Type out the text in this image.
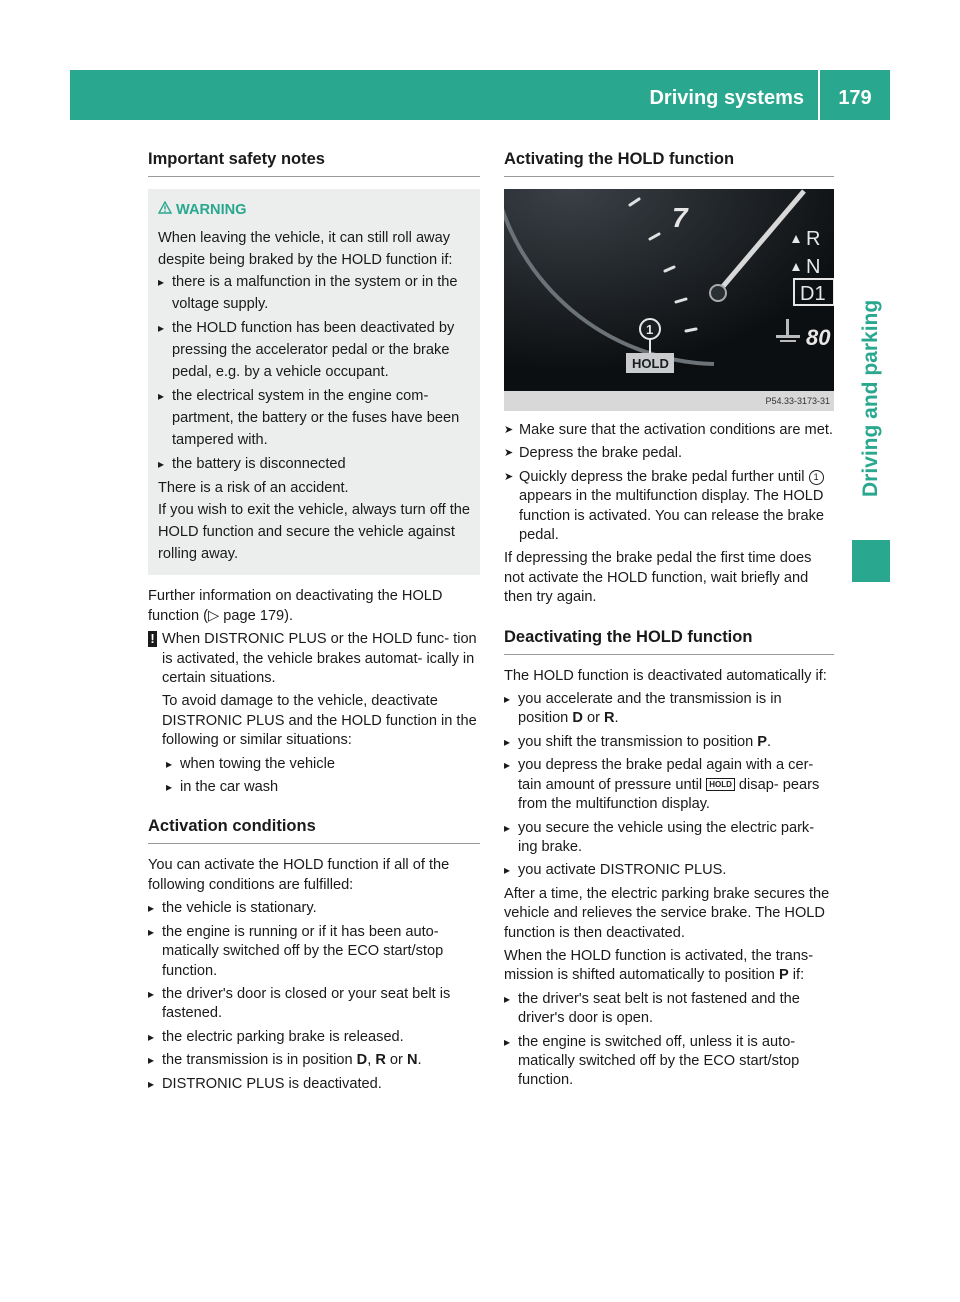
Driving systems	179
Driving and parking
Important safety notes
WARNING

When leaving the vehicle, it can still roll away despite being braked by the HOLD function if:

▸ there is a malfunction in the system or in the voltage supply.
▸ the HOLD function has been deactivated by pressing the accelerator pedal or the brake pedal, e.g. by a vehicle occupant.
▸ the electrical system in the engine com- partment, the battery or the fuses have been tampered with.
▸ the battery is disconnected

There is a risk of an accident.

If you wish to exit the vehicle, always turn off the HOLD function and secure the vehicle against rolling away.

Further information on deactivating the HOLD function (▷ page 179).

! When DISTRONIC PLUS or the HOLD func- tion is activated, the vehicle brakes automat- ically in certain situations.

To avoid damage to the vehicle, deactivate DISTRONIC PLUS and the HOLD function in the following or similar situations:

▸ when towing the vehicle
▸ in the car wash
Activation conditions

You can activate the HOLD function if all of the following conditions are fulfilled:

▸ the vehicle is stationary.
▸ the engine is running or if it has been auto- matically switched off by the ECO start/stop function.
▸ the driver's door is closed or your seat belt is fastened.
▸ the electric parking brake is released.
▸ the transmission is in position D, R or N.
▸ DISTRONIC PLUS is deactivated.
Activating the HOLD function
7
R
N
D1
80
1
HOLD
P54.33-3173-31
➤ Make sure that the activation conditions are met.
➤ Depress the brake pedal.
➤ Quickly depress the brake pedal further until 1 appears in the multifunction display. The HOLD function is activated. You can release the brake pedal.

If depressing the brake pedal the first time does not activate the HOLD function, wait briefly and then try again.

Deactivating the HOLD function

The HOLD function is deactivated automatically if:

▸ you accelerate and the transmission is in position D or R.
▸ you shift the transmission to position P.
▸ you depress the brake pedal again with a cer- tain amount of pressure until HOLD disap- pears from the multifunction display.
▸ you secure the vehicle using the electric park- ing brake.
▸ you activate DISTRONIC PLUS.

After a time, the electric parking brake secures the vehicle and relieves the service brake. The HOLD function is then deactivated.

When the HOLD function is activated, the trans- mission is shifted automatically to position P if:

▸ the driver's seat belt is not fastened and the driver's door is open.
▸ the engine is switched off, unless it is auto- matically switched off by the ECO start/stop function.
